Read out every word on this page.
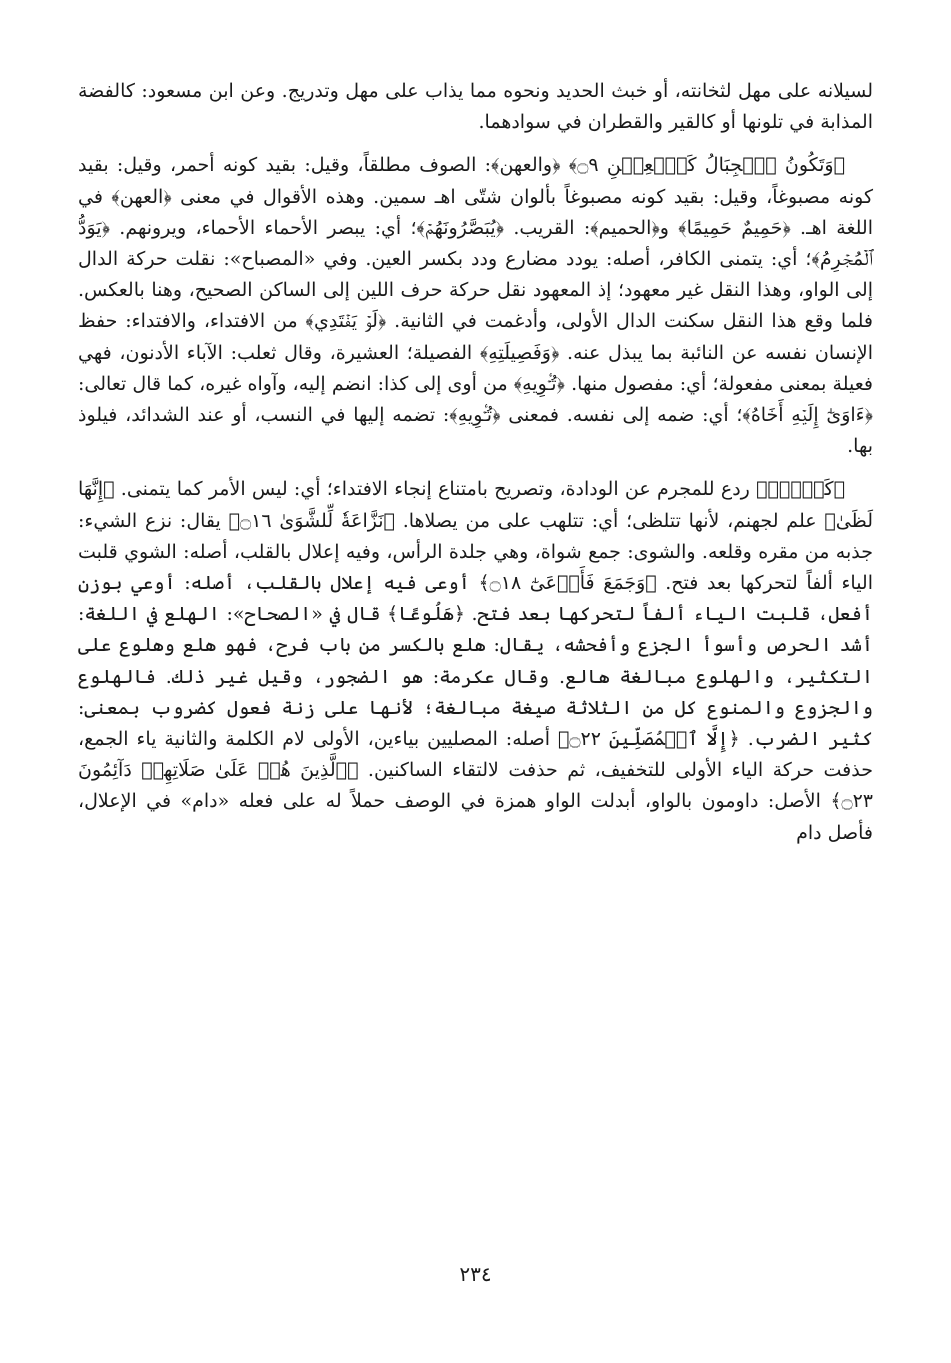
لسيلانه على مهل لثخانته، أو خبث الحديد ونحوه مما يذاب على مهل وتدريج. وعن ابن مسعود: كالفضة المذابة في تلونها أو كالقير والقطران في سوادهما.

﴿وَتَكُونُ ٱلۡجِبَالُ كَٱلۡعِهۡنِ ۝٩﴾ ﴿والعهن﴾: الصوف مطلقاً، وقيل: بقيد كونه أحمر، وقيل: بقيد كونه مصبوغاً، وقيل: بقيد كونه مصبوغاً بألوان شتّى اهـ سمين. وهذه الأقوال في معنى ﴿العهن﴾ في اللغة اهـ. ﴿حَمِيمٌ حَمِيمًا﴾ و﴿الحميم﴾: القريب. ﴿يُبَصَّرُونَهُمۡ﴾؛ أي: يبصر الأحماء الأحماء، ويرونهم. ﴿يَوَدُّ ٱلۡمُجۡرِمُ﴾؛ أي: يتمنى الكافر، أصله: يودد مضارع ودد بكسر العين. وفي «المصباح»: نقلت حركة الدال إلى الواو، وهذا النقل غير معهود؛ إذ المعهود نقل حركة حرف اللين إلى الساكن الصحيح، وهنا بالعكس. فلما وقع هذا النقل سكنت الدال الأولى، وأدغمت في الثانية. ﴿لَوۡ يَفۡتَدِي﴾ من الافتداء، والافتداء: حفظ الإنسان نفسه عن النائبة بما يبذل عنه. ﴿وَفَصِيلَتِهِ﴾ الفصيلة؛ العشيرة، وقال ثعلب: الآباء الأدنون، فهي فعيلة بمعنى مفعولة؛ أي: مفصول منها. ﴿تُـٔۡوِيهِ﴾ من أوى إلى كذا: انضم إليه، وآواه غيره، كما قال تعالى: ﴿ءَاوَىٰٓ إِلَيۡهِ أَخَاهُ﴾؛ أي: ضمه إلى نفسه. فمعنى ﴿تُـٔۡوِيهِ﴾: تضمه إليها في النسب، أو عند الشدائد، فيلوذ بها.

﴿كَلَّآۖ﴾ ردع للمجرم عن الودادة، وتصريح بامتناع إنجاء الافتداء؛ أي: ليس الأمر كما يتمنى. ﴿إِنَّهَا لَظَىٰ﴾ علم لجهنم، لأنها تتلظى؛ أي: تتلهب على من يصلاها. ﴿نَزَّاعَةٗ لِّلشَّوَىٰ ۝١٦﴾ يقال: نزع الشيء: جذبه من مقره وقلعه. والشوى: جمع شواة، وهي جلدة الرأس، وفيه إعلال بالقلب، أصله: الشوي قلبت الياء ألفاً لتحركها بعد فتح. ﴿وَجَمَعَ فَأَوۡعَىٰٓ ۝١٨﴾ أوعى فيه إعلال بالقلب، أصله: أوعي بوزن أفعل، قلبت الياء ألفاً لتحركها بعد فتح. ﴿هَلُوعًا﴾ قال في «الصحاح»: الهلع في اللغة: أشد الحرص وأسوأ الجزع وأفحشه، يقال: هلع بالكسر من باب فرح، فهو هلع وهلوع على التكثير، والهلوع مبالغة هالع. وقال عكرمة: هو الضجور، وقيل غير ذلك. فالهلوع والجزوع والمنوع كل من الثلاثة صيغة مبالغة؛ لأنها على زنة فعول كضروب بمعنى: كثير الضرب. ﴿إِلَّا ٱلۡمُصَلِّينَ ۝٢٢﴾ أصله: المصليين بياءين، الأولى لام الكلمة والثانية ياء الجمع، حذفت حركة الياء الأولى للتخفيف، ثم حذفت لالتقاء الساكنين. ﴿ٱلَّذِينَ هُمۡ عَلَىٰ صَلَاتِهِمۡ دَآئِمُونَ ۝٢٣﴾ الأصل: داومون بالواو، أبدلت الواو همزة في الوصف حملاً له على فعله «دام» في الإعلال، فأصل دام

٢٣٤
